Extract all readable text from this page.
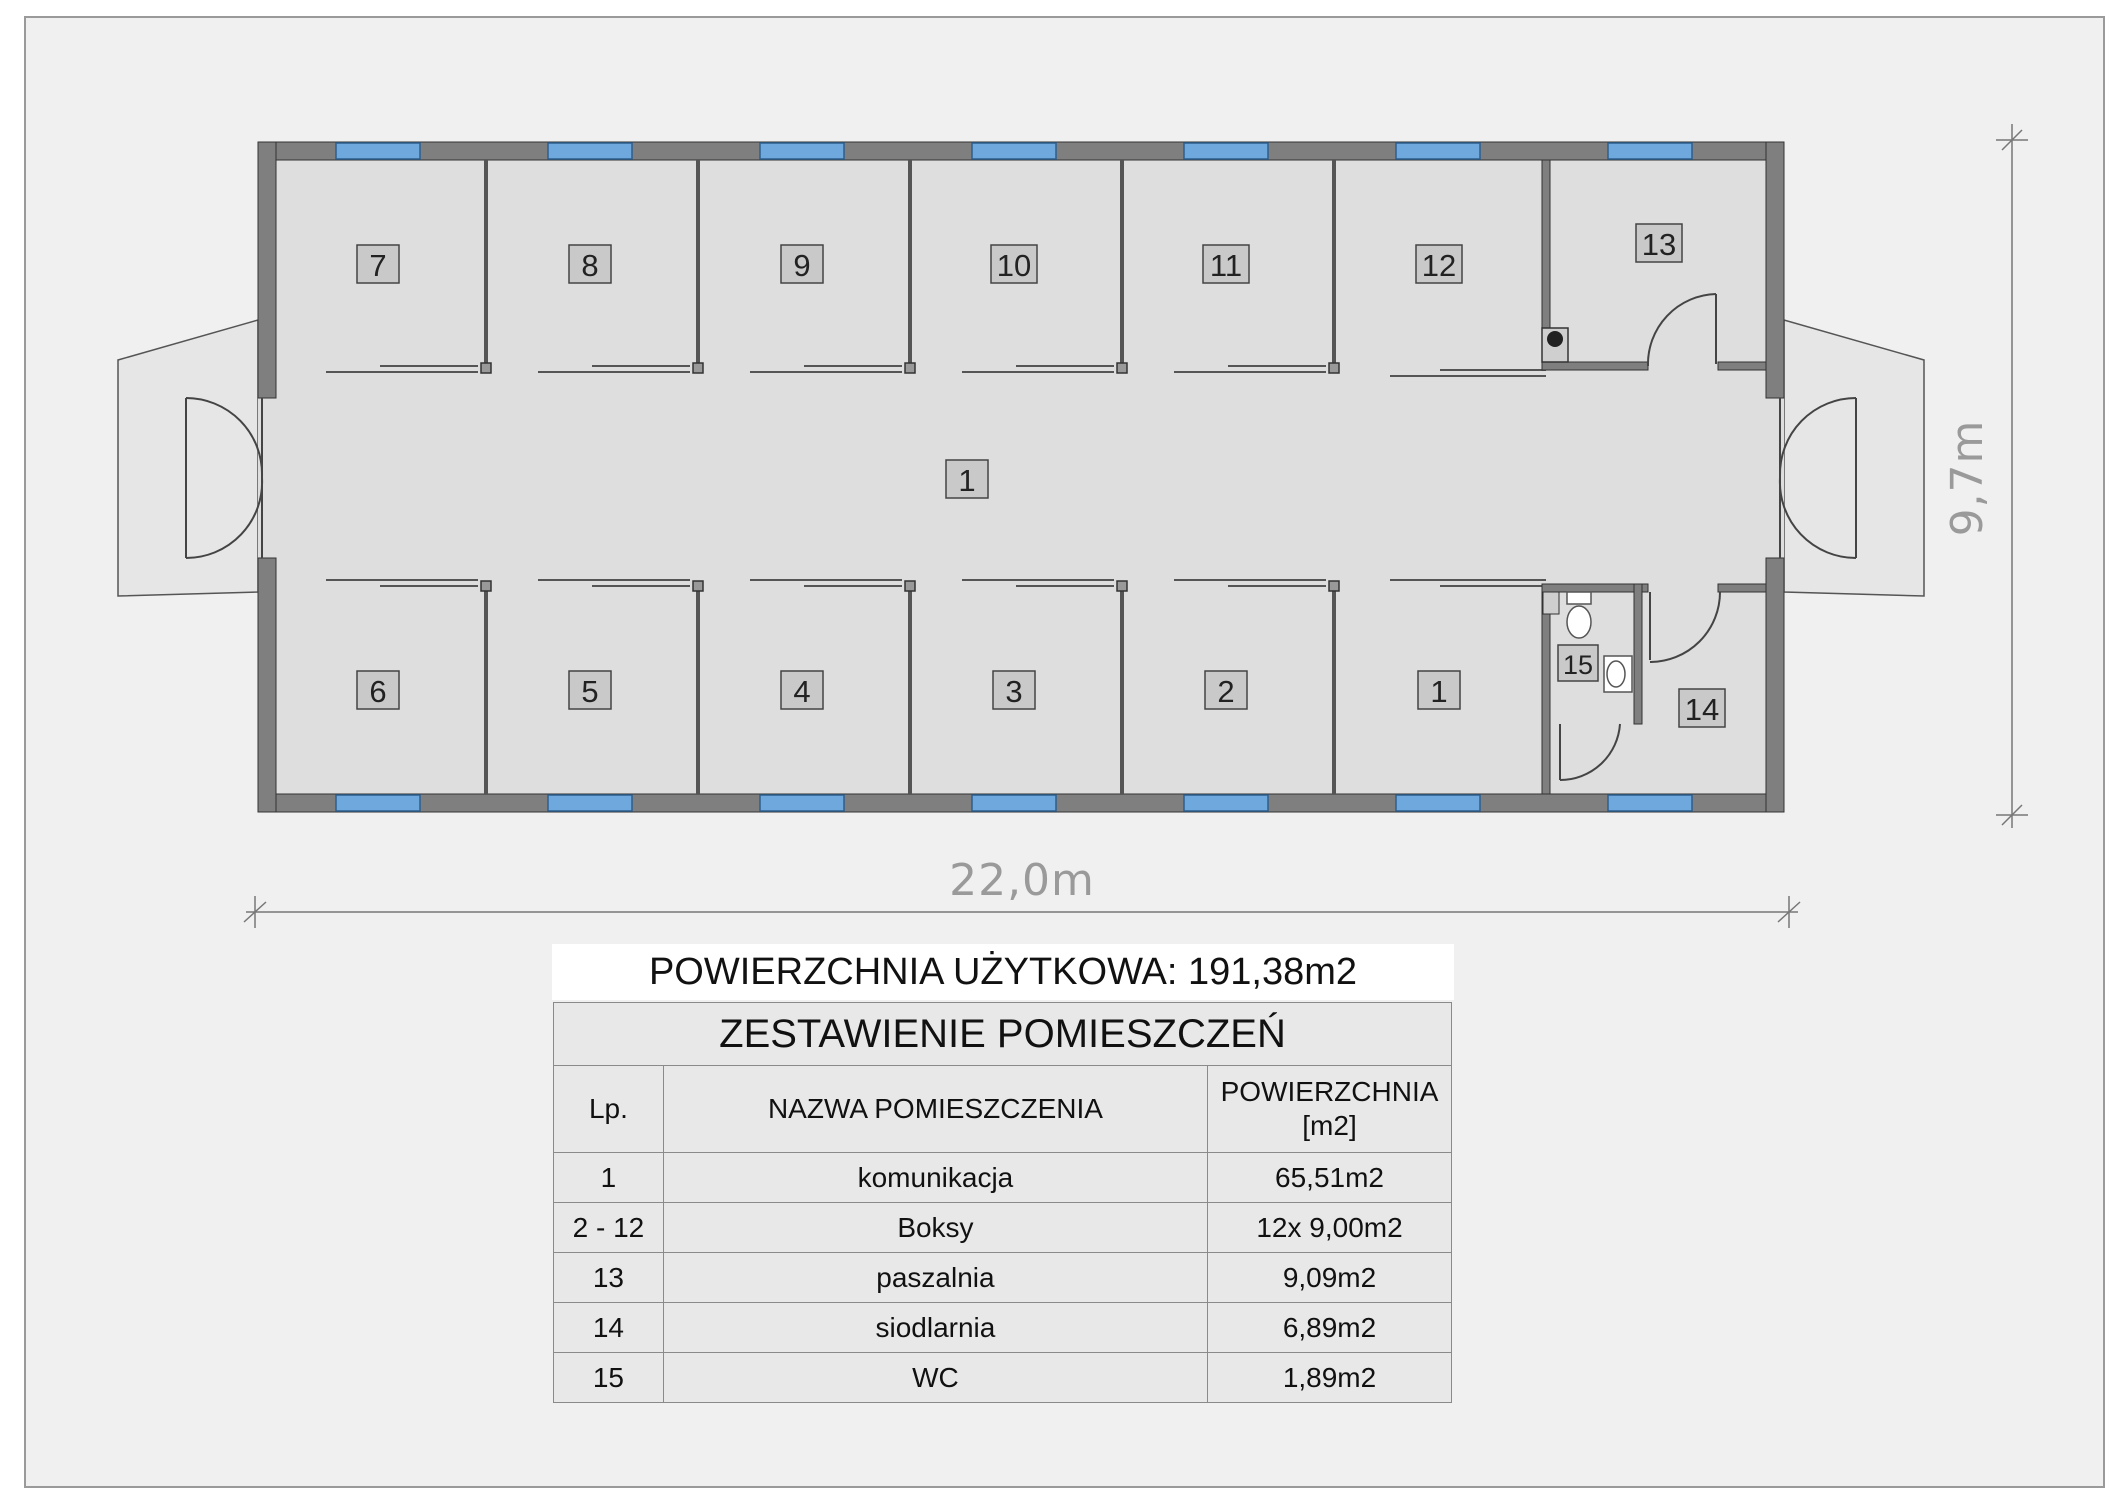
7	8	9	10	11	12
13
1
6	5	4	3	2	1
15
14
22,0m
9,7m
POWIERZCHNIA UŻYTKOWA: 191,38m2
ZESTAWIENIE POMIESZCZEŃ		
Lp.	NAZWA POMIESZCZENIA	POWIERZCHNIA
[m2]
1	komunikacja	65,51m2
2 - 12	Boksy	12x 9,00m2
13	paszalnia	9,09m2
14	siodlarnia	6,89m2
15	WC	1,89m2
